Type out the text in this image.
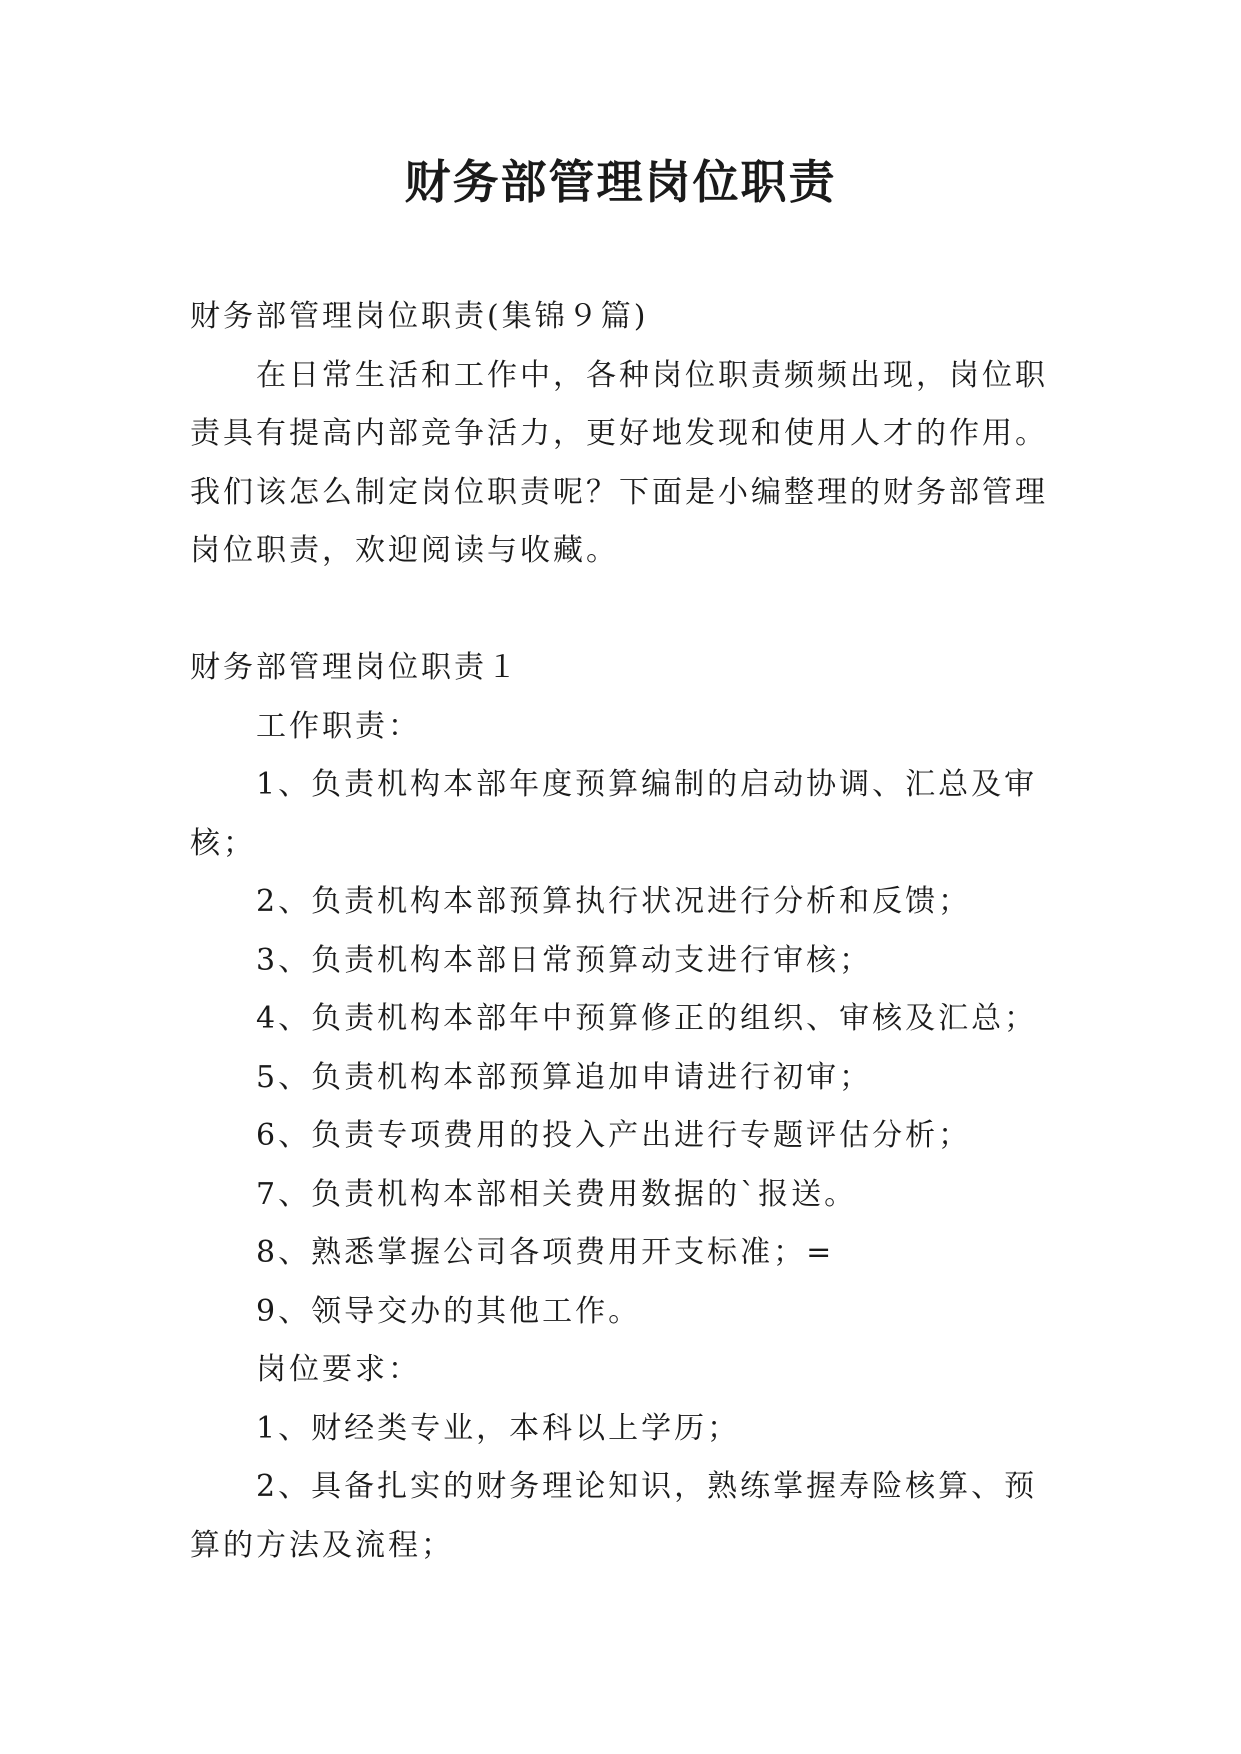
财务部管理岗位职责

财务部管理岗位职责(集锦９篇)

在日常生活和工作中，各种岗位职责频频出现，岗位职责具有提高内部竞争活力，更好地发现和使用人才的作用。我们该怎么制定岗位职责呢？下面是小编整理的财务部管理岗位职责，欢迎阅读与收藏。

财务部管理岗位职责１

工作职责：

1、负责机构本部年度预算编制的启动协调、汇总及审核；

2、负责机构本部预算执行状况进行分析和反馈；

3、负责机构本部日常预算动支进行审核；

4、负责机构本部年中预算修正的组织、审核及汇总；

5、负责机构本部预算追加申请进行初审；

6、负责专项费用的投入产出进行专题评估分析；

7、负责机构本部相关费用数据的`报送。

8、熟悉掌握公司各项费用开支标准；=

9、领导交办的其他工作。

岗位要求：

1、财经类专业，本科以上学历；

2、具备扎实的财务理论知识，熟练掌握寿险核算、预算的方法及流程；
